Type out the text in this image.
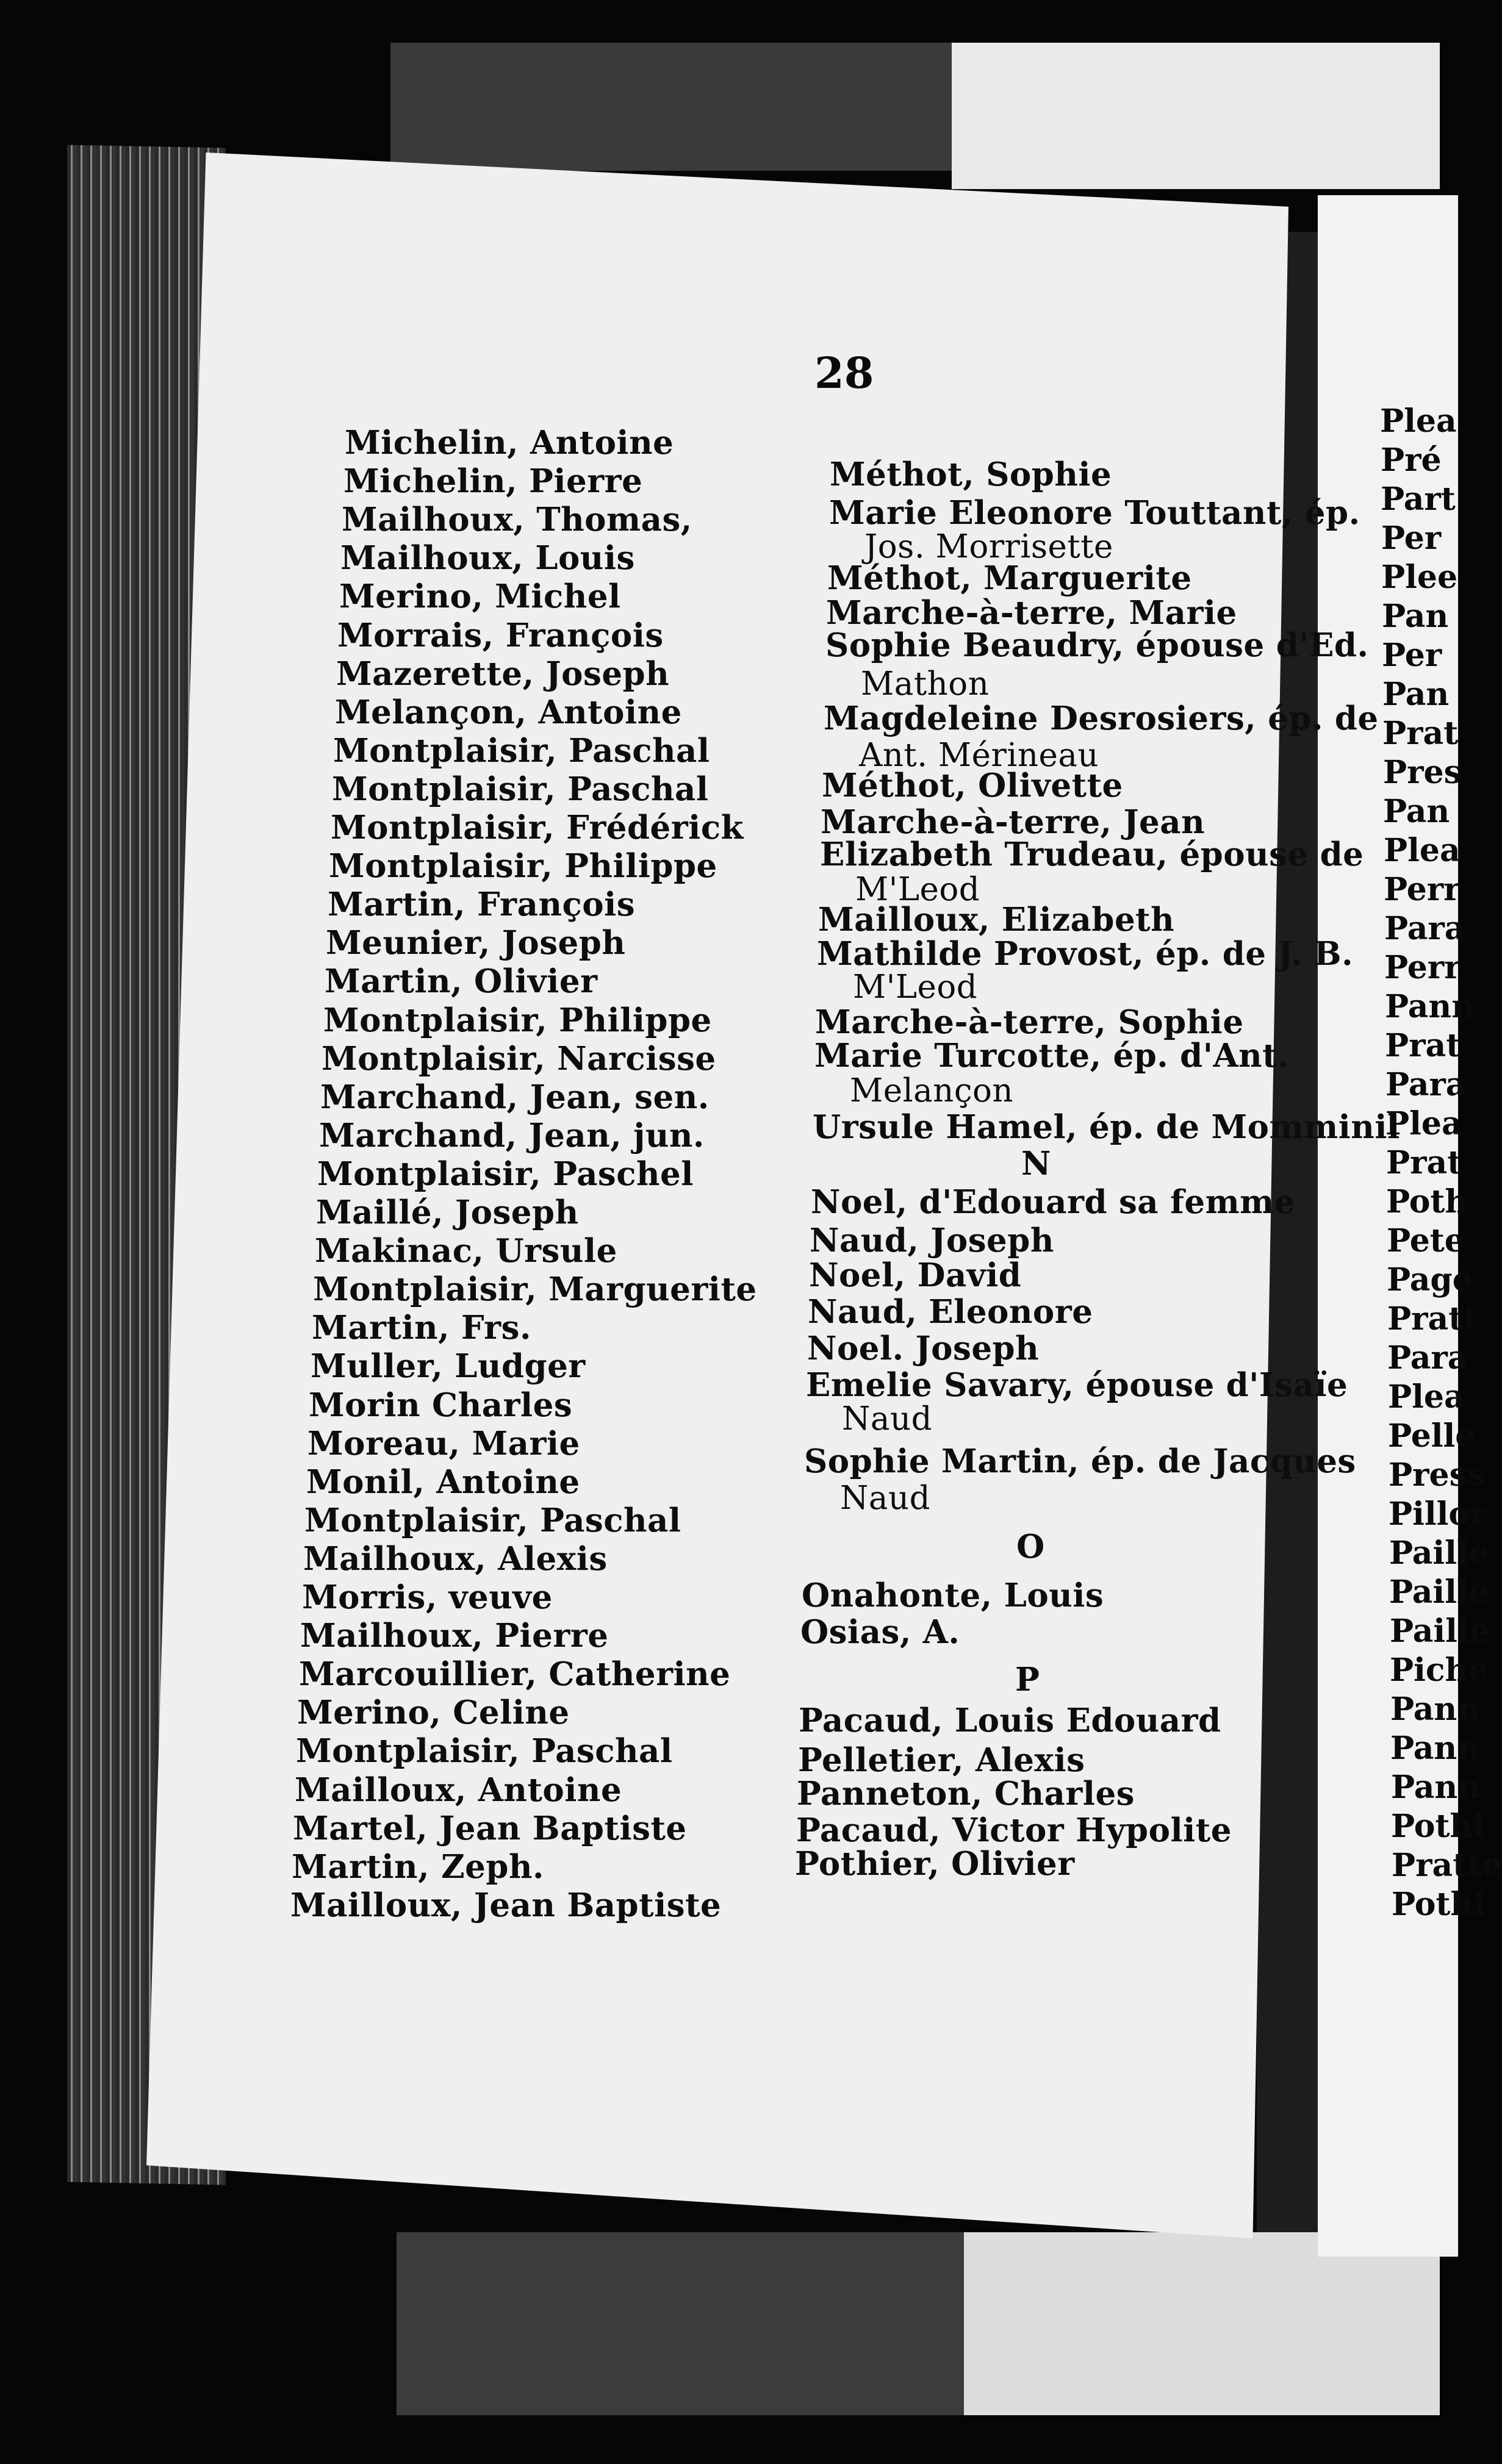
28
Michelin, Antoine
Michelin, Pierre
Mailhoux, Thomas,
Mailhoux, Louis
Merino, Michel
Morrais, François
Mazerette, Joseph
Melançon, Antoine
Montplaisir, Paschal
Montplaisir, Paschal
Montplaisir, Frédérick
Montplaisir, Philippe
Martin, François
Meunier, Joseph
Martin, Olivier
Montplaisir, Philippe
Montplaisir, Narcisse
Marchand, Jean, sen.
Marchand, Jean, jun.
Montplaisir, Paschel
Maillé, Joseph
Makinac, Ursule
Montplaisir, Marguerite
Martin, Frs.
Muller, Ludger
Morin Charles
Moreau, Marie
Monil, Antoine
Montplaisir, Paschal
Mailhoux, Alexis
Morris, veuve
Mailhoux, Pierre
Marcouillier, Catherine
Merino, Celine
Montplaisir, Paschal
Mailloux, Antoine
Martel, Jean Baptiste
Martin, Zeph.
Mailloux, Jean Baptiste
Méthot, Sophie
Marie Eleonore Touttant, ép.
Jos. Morrisette
Méthot, Marguerite
Marche-à-terre, Marie
Sophie Beaudry, épouse d'Ed.
Mathon
Magdeleine Desrosiers, ép. de
Ant. Mérineau
Méthot, Olivette
Marche-à-terre, Jean
Elizabeth Trudeau, épouse de
M'Leod
Mailloux, Elizabeth
Mathilde Provost, ép. de J. B.
M'Leod
Marche-à-terre, Sophie
Marie Turcotte, ép. d'Ant.
Melançon
Ursule Hamel, ép. de Momminil
N
Noel, d'Edouard sa femme
Naud, Joseph
Noel, David
Naud, Eleonore
Noel. Joseph
Emelie Savary, épouse d'Isaïe
Naud
Sophie Martin, ép. de Jacques
Naud
O
Onahonte, Louis
Osias, A.
P
Pacaud, Louis Edouard
Pelletier, Alexis
Panneton, Charles
Pacaud, Victor Hypolite
Pothier, Olivier
Plea
Pré
Part
Per
Plee
Pan
Per
Pan
Prat
Pres
Pan
Plea
Perr
Para
Perr
Pann
Prat
Para
Plea
Prat
Poth
Pete
Pagé
Pratt
Para
Plea
Pelle
Press
Pillor
Paille
Paille
Paille
Piche
Pann
Pann
Pann
Pothi
Pratte
Pothi
